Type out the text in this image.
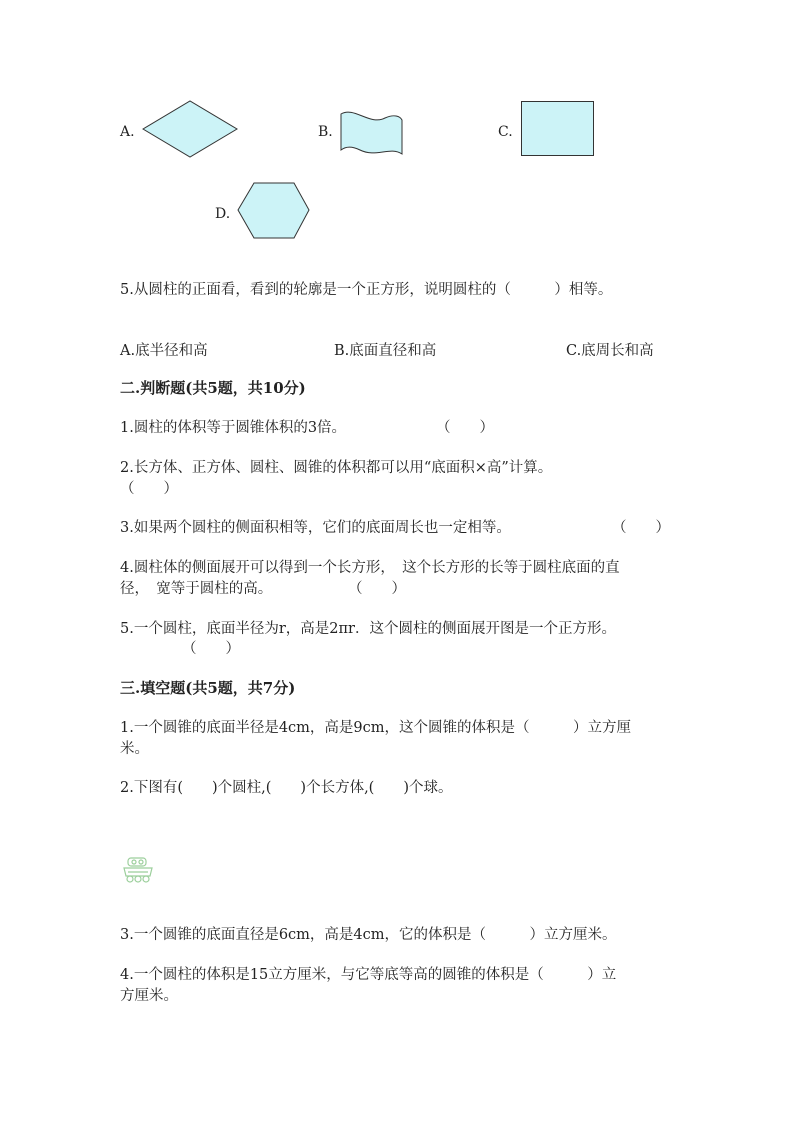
A.	B.	C.
D.
5.从圆柱的正面看，看到的轮廓是一个正方形，说明圆柱的（　　　）相等。
A.底半径和高	B.底面直径和高	C.底周长和高
二.判断题(共5题，共10分)
1.圆柱的体积等于圆锥体积的3倍。	（　　）
2.长方体、正方体、圆柱、圆锥的体积都可以用“底面积×高”计算。
（　　）
3.如果两个圆柱的侧面积相等，它们的底面周长也一定相等。	（　　）
4.圆柱体的侧面展开可以得到一个长方形，　这个长方形的长等于圆柱底面的直
径，　宽等于圆柱的高。	（　　）
5.一个圆柱，底面半径为r，高是2πr．这个圆柱的侧面展开图是一个正方形。
（　　）
三.填空题(共5题，共7分)
1.一个圆锥的底面半径是4cm，高是9cm，这个圆锥的体积是（　　　）立方厘
米。
2.下图有(　　)个圆柱,(　　)个长方体,(　　)个球。
3.一个圆锥的底面直径是6cm，高是4cm，它的体积是（　　　）立方厘米。
4.一个圆柱的体积是15立方厘米，与它等底等高的圆锥的体积是（　　　）立
方厘米。
